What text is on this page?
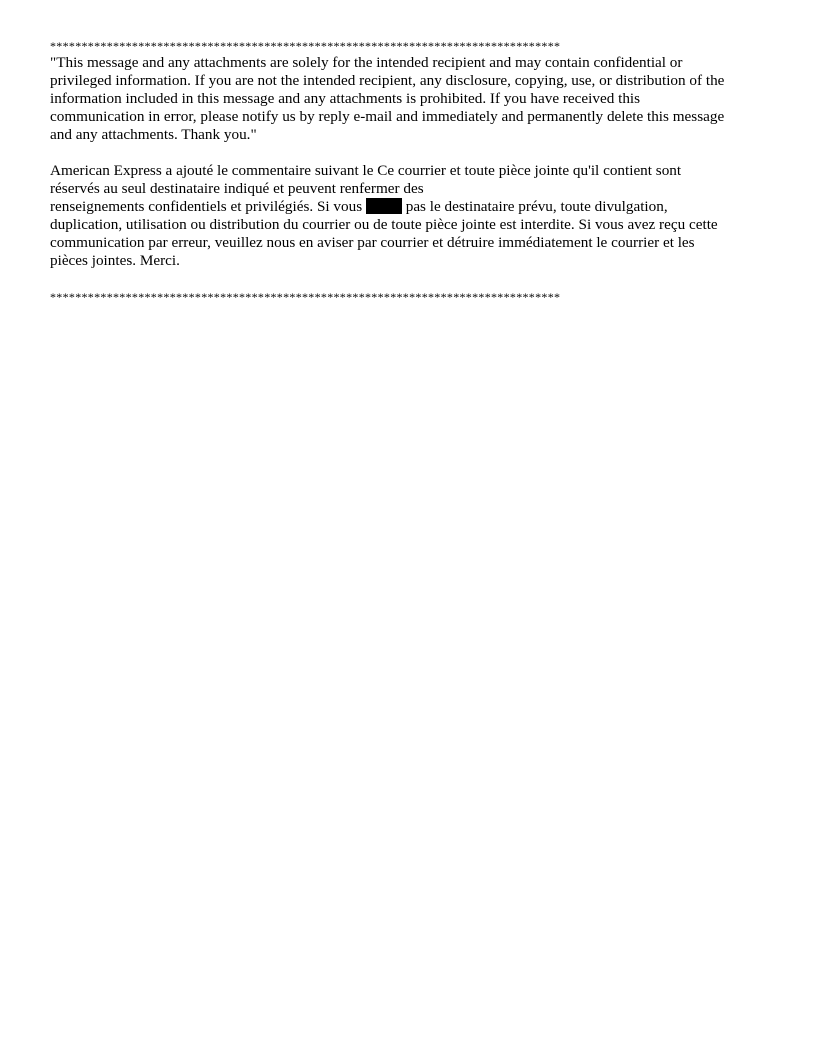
*********************************************************************************
"This message and any attachments are solely for the intended recipient and may contain confidential or
privileged information. If you are not the intended recipient, any disclosure, copying, use, or distribution of the
information included in this message and any attachments is prohibited. If you have received this
communication in error, please notify us by reply e-mail and immediately and permanently delete this message
and any attachments. Thank you."
American Express a ajouté le commentaire suivant le Ce courrier et toute pièce jointe qu'il contient sont
réservés au seul destinataire indiqué et peuvent renfermer des
renseignements confidentiels et privilégiés. Si vous  pas le destinataire prévu, toute divulgation,
duplication, utilisation ou distribution du courrier ou de toute pièce jointe est interdite. Si vous avez reçu cette
communication par erreur, veuillez nous en aviser par courrier et détruire immédiatement le courrier et les
pièces jointes. Merci.
*********************************************************************************
